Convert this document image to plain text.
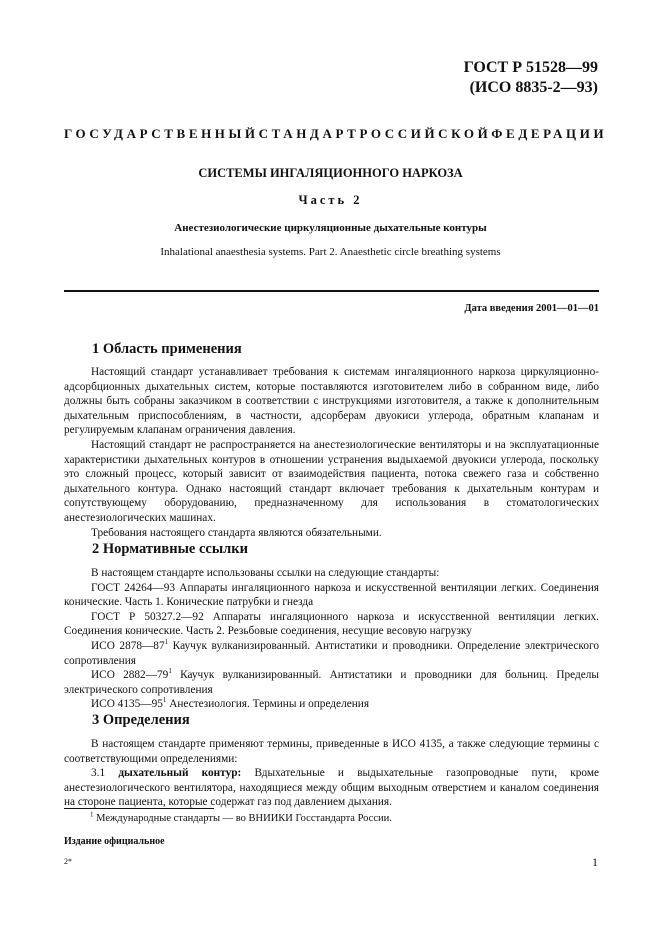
ГОСТ Р 51528—99
(ИСО 8835-2—93)
ГОСУДАРСТВЕННЫЙ СТАНДАРТ РОССИЙСКОЙ ФЕДЕРАЦИИ
СИСТЕМЫ ИНГАЛЯЦИОННОГО НАРКОЗА
Часть 2
Анестезиологические циркуляционные дыхательные контуры
Inhalational anaesthesia systems. Part 2. Anaesthetic circle breathing systems
Дата введения 2001—01—01
1 Область применения

Настоящий стандарт устанавливает требования к системам ингаляционного наркоза циркуляционно-адсорбционных дыхательных систем, которые поставляются изготовителем либо в собранном виде, либо должны быть собраны заказчиком в соответствии с инструкциями изготовителя, а также к дополнительным дыхательным приспособлениям, в частности, адсорберам двуокиси углерода, обратным клапанам и регулируемым клапанам ограничения давления.

Настоящий стандарт не распространяется на анестезиологические вентиляторы и на эксплуатационные характеристики дыхательных контуров в отношении устранения выдыхаемой двуокиси углерода, поскольку это сложный процесс, который зависит от взаимодействия пациента, потока свежего газа и собственно дыхательного контура. Однако настоящий стандарт включает требования к дыхательным контурам и сопутствующему оборудованию, предназначенному для использования в стоматологических анестезиологических машинах.

Требования настоящего стандарта являются обязательными.

2 Нормативные ссылки

В настоящем стандарте использованы ссылки на следующие стандарты:

ГОСТ 24264—93 Аппараты ингаляционного наркоза и искусственной вентиляции легких. Соединения конические. Часть 1. Конические патрубки и гнезда

ГОСТ Р 50327.2—92 Аппараты ингаляционного наркоза и искусственной вентиляции легких. Соединения конические. Часть 2. Резьбовые соединения, несущие весовую нагрузку

ИСО $2878—87^1$ Каучук вулканизированный. Антистатики и проводники. Определение электрического сопротивления

ИСО $2882—79^1$ Каучук вулканизированный. Антистатики и проводники для больниц. Пределы электрического сопротивления

ИСО $4135—95^1$ Анестезиология. Термины и определения

3 Определения

В настоящем стандарте применяют термины, приведенные в ИСО 4135, а также следующие термины с соответствующими определениями:

3.1 дыхательный контур: Вдыхательные и выдыхательные газопроводные пути, кроме анестезиологического вентилятора, находящиеся между общим выходным отверстием и каналом соединения на стороне пациента, которые содержат газ под давлением дыхания.

$^1$ Международные стандарты — во ВНИИКИ Госстандарта России.
Издание официальное
2*	1
